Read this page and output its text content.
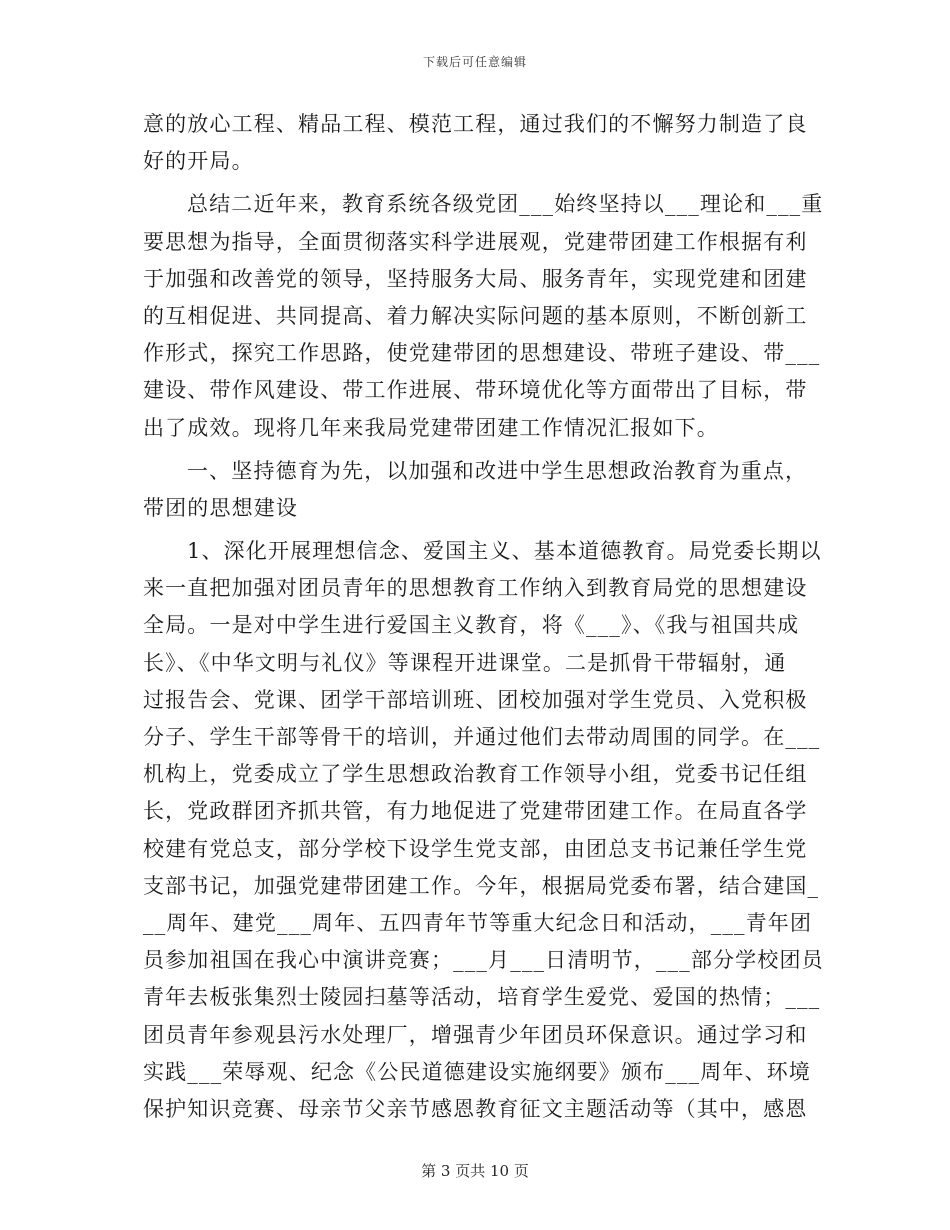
下载后可任意编辑
意的放心工程、精品工程、模范工程，通过我们的不懈努力制造了良
好的开局。
总结二近年来，教育系统各级党团___始终坚持以___理论和___重
要思想为指导，全面贯彻落实科学进展观，党建带团建工作根据有利
于加强和改善党的领导，坚持服务大局、服务青年，实现党建和团建
的互相促进、共同提高、着力解决实际问题的基本原则，不断创新工
作形式，探究工作思路，使党建带团的思想建设、带班子建设、带___
建设、带作风建设、带工作进展、带环境优化等方面带出了目标，带
出了成效。现将几年来我局党建带团建工作情况汇报如下。
一、坚持德育为先，以加强和改进中学生思想政治教育为重点，
带团的思想建设
1、深化开展理想信念、爱国主义、基本道德教育。局党委长期以
来一直把加强对团员青年的思想教育工作纳入到教育局党的思想建设
全局。一是对中学生进行爱国主义教育，将《___》、《我与祖国共成
长》、《中华文明与礼仪》等课程开进课堂。二是抓骨干带辐射，通
过报告会、党课、团学干部培训班、团校加强对学生党员、入党积极
分子、学生干部等骨干的培训，并通过他们去带动周围的同学。在___
机构上，党委成立了学生思想政治教育工作领导小组，党委书记任组
长，党政群团齐抓共管，有力地促进了党建带团建工作。在局直各学
校建有党总支，部分学校下设学生党支部，由团总支书记兼任学生党
支部书记，加强党建带团建工作。今年，根据局党委布署，结合建国_
__周年、建党___周年、五四青年节等重大纪念日和活动，___青年团
员参加祖国在我心中演讲竞赛；___月___日清明节，___部分学校团员
青年去板张集烈士陵园扫墓等活动，培育学生爱党、爱国的热情；___
团员青年参观县污水处理厂，增强青少年团员环保意识。通过学习和
实践___荣辱观、纪念《公民道德建设实施纲要》颁布___周年、环境
保护知识竞赛、母亲节父亲节感恩教育征文主题活动等（其中，感恩
第 3 页共 10 页
